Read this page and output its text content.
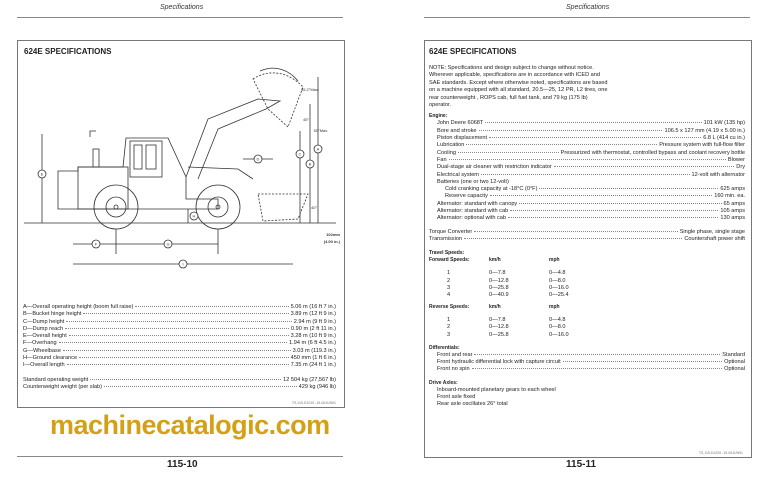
Specifications
624E SPECIFICATIONS
A
B
C
D
E
F	G
H
I
55.2°Max.
45°
50°Max.
40°
102mm
(4.00 in.)
A—Overall operating height (boom full raise)	5.06 m (16 ft 7 in.)
B—Bucket hinge height	3.89 m (12 ft 9 in.)
C—Dump height	2.94 m (9 ft 9 in.)
D—Dump reach	0.90 m (2 ft 11 in.)
E—Overall height	3.28 m (10 ft 9 in.)
F—Overhang	1.94 m (6 ft 4.5 in.)
G—Wheelbase	3.03 m (119.3 in.)
H—Ground clearance	450 mm (1 ft 6 in.)
I—Overall length	7.35 m (24 ft 1 in.)
Standard operating weight	12 504 kg (27,567 lb)
Counterweight weight (per slab)	429 kg (946 lb)
TS,115,D1019 -19-06JUN91
machinecatalogic.com
115-10
Specifications
624E SPECIFICATIONS
NOTE: Specifications and design subject to change without notice. Wherever applicable, specifications are in accordance with ICED and SAE standards. Except where otherwise noted, specifications are based on a machine equipped with all standard, 20.5—25, 12 PR, L2 tires, one rear counterweight , ROPS cab, full fuel tank, and 79 kg (175 lb) operator.
Engine:
John Deere 6068T	101 kW (135 hp)
Bore and stroke	106.5 x 127 mm (4.19 x 5.00 in.)
Piston displacement	6.8 L (414 cu in.)
Lubrication	Pressure system with full-flow filter
Cooling	Pressurized with thermostat, controlled bypass and coolant recovery bottle
Fan	Blower
Dual-stage air cleaner with restriction indicator	Dry
Electrical system	12-volt with alternator
Batteries (one or two 12-volt)
Cold cranking capacity at -18°C (0°F)	625 amps
Reserve capacity	160 min. ea.
Alternator: standard with canopy	65 amps
Alternator: standard with cab	105 amps
Alternator: optional with cab	130 amps
Torque Converter	Single phase, single stage
Transmission	Countershaft power shift
Travel Speeds:
Forward Speeds:	km/h	mph
1	0—7.8	0—4.8
2	0—12.8	0—8.0
3	0—25.8	0—16.0
4	0—40.9	0—25.4
Reverse Speeds:	km/h	mph
1	0—7.8	0—4.8
2	0—12.8	0—8.0
3	0—25.8	0—16.0
Differentials:
Front and rear	Standard
Front hydraulic differential lock with capture circuit	Optional
Front no spin	Optional
Drive Axles:
Inboard-mounted planetary gears to each wheel
Front axle fixed
Rear axle oscillates 26° total
TS,115,D1020 -19-06JUN91
115-11
